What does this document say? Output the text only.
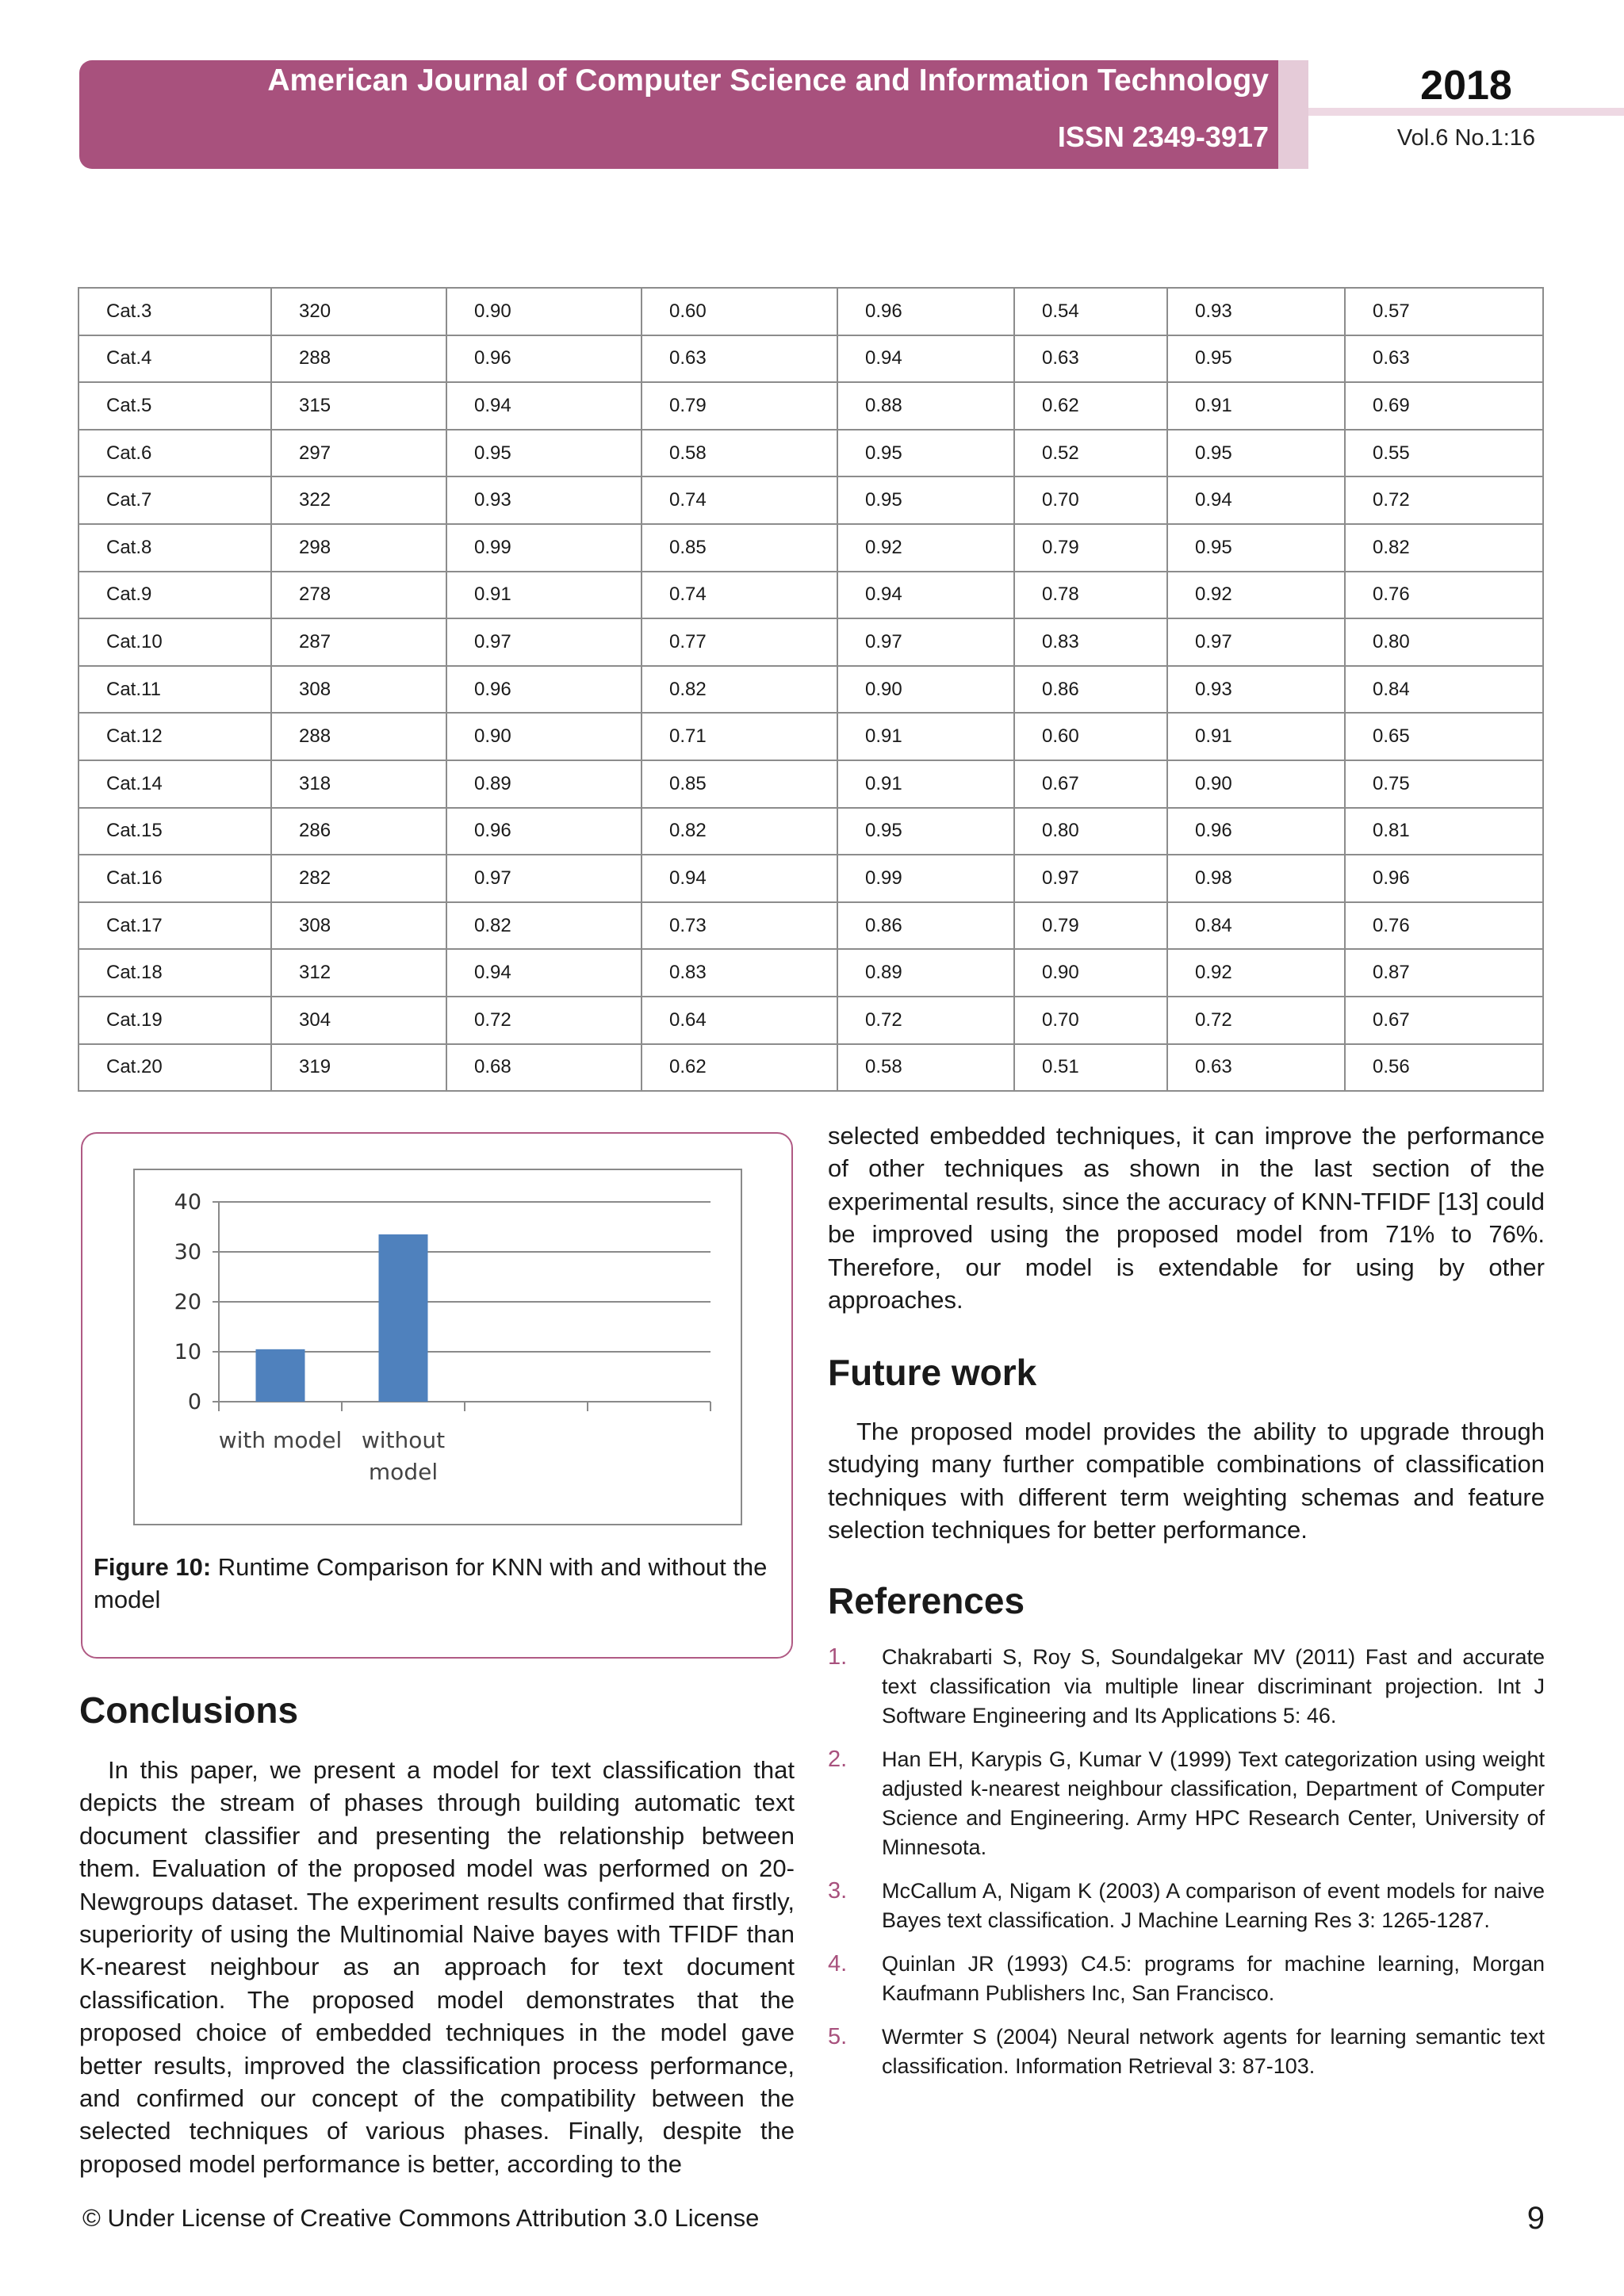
American Journal of Computer Science and Information Technology
ISSN 2349-3917
2018
Vol.6 No.1:16
Cat.3	320	0.90	0.60	0.96	0.54	0.93	0.57
Cat.4	288	0.96	0.63	0.94	0.63	0.95	0.63
Cat.5	315	0.94	0.79	0.88	0.62	0.91	0.69
Cat.6	297	0.95	0.58	0.95	0.52	0.95	0.55
Cat.7	322	0.93	0.74	0.95	0.70	0.94	0.72
Cat.8	298	0.99	0.85	0.92	0.79	0.95	0.82
Cat.9	278	0.91	0.74	0.94	0.78	0.92	0.76
Cat.10	287	0.97	0.77	0.97	0.83	0.97	0.80
Cat.11	308	0.96	0.82	0.90	0.86	0.93	0.84
Cat.12	288	0.90	0.71	0.91	0.60	0.91	0.65
Cat.14	318	0.89	0.85	0.91	0.67	0.90	0.75
Cat.15	286	0.96	0.82	0.95	0.80	0.96	0.81
Cat.16	282	0.97	0.94	0.99	0.97	0.98	0.96
Cat.17	308	0.82	0.73	0.86	0.79	0.84	0.76
Cat.18	312	0.94	0.83	0.89	0.90	0.92	0.87
Cat.19	304	0.72	0.64	0.72	0.70	0.72	0.67
Cat.20	319	0.68	0.62	0.58	0.51	0.63	0.56
0
10
20
30
40
with model without
model
Figure 10: Runtime Comparison for KNN with and without the model
Conclusions
In this paper, we present a model for text classification that depicts the stream of phases through building automatic text document classifier and presenting the relationship between them. Evaluation of the proposed model was performed on 20-Newgroups dataset. The experiment results confirmed that firstly, superiority of using the Multinomial Naive bayes with TFIDF than K-nearest neighbour as an approach for text document classification. The proposed model demonstrates that the proposed choice of embedded techniques in the model gave better results, improved the classification process performance, and confirmed our concept of the compatibility between the selected techniques of various phases. Finally, despite the proposed model performance is better, according to the
selected embedded techniques, it can improve the performance of other techniques as shown in the last section of the experimental results, since the accuracy of KNN-TFIDF [13] could be improved using the proposed model from 71% to 76%. Therefore, our model is extendable for using by other approaches.
Future work
The proposed model provides the ability to upgrade through studying many further compatible combinations of classification techniques with different term weighting schemas and feature selection techniques for better performance.
References
1. Chakrabarti S, Roy S, Soundalgekar MV (2011) Fast and accurate text classification via multiple linear discriminant projection. Int J Software Engineering and Its Applications 5: 46.
2. Han EH, Karypis G, Kumar V (1999) Text categorization using weight adjusted k-nearest neighbour classification, Department of Computer Science and Engineering. Army HPC Research Center, University of Minnesota.
3. McCallum A, Nigam K (2003) A comparison of event models for naive Bayes text classification. J Machine Learning Res 3: 1265-1287.
4. Quinlan JR (1993) C4.5: programs for machine learning, Morgan Kaufmann Publishers Inc, San Francisco.
5. Wermter S (2004) Neural network agents for learning semantic text classification. Information Retrieval 3: 87-103.
© Under License of Creative Commons Attribution 3.0 License	9
